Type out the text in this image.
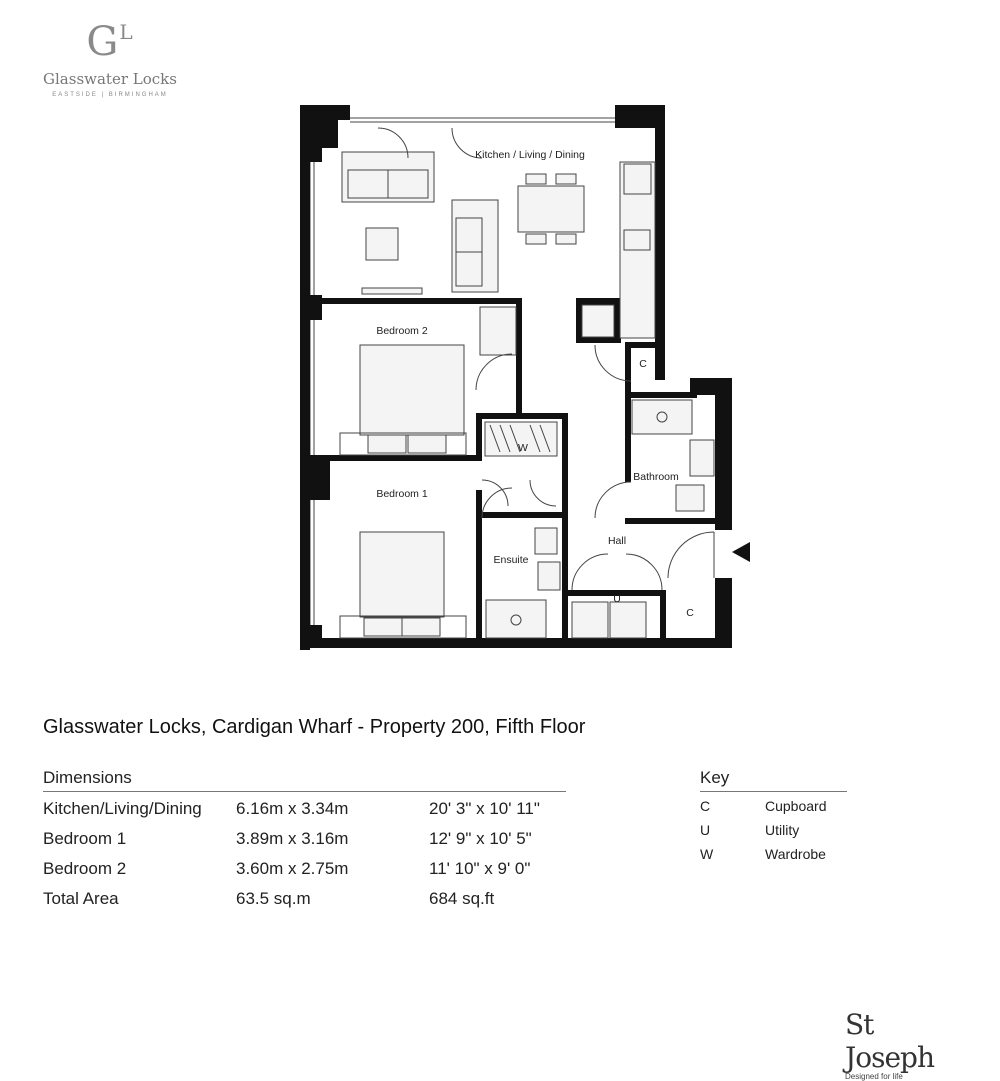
$G^L$
Glasswater Locks
EASTSIDE | BIRMINGHAM
Kitchen / Living / Dining
Bedroom 2
Bedroom 1
Bathroom
Ensuite
Hall
C
C
W
U
Glasswater Locks, Cardigan Wharf - Property 200, Fifth Floor
Dimensions
Kitchen/Living/Dining 6.16m x 3.34m	20' 3" x 10' 11"
Bedroom 1	3.89m x 3.16m	12' 9" x 10' 5"
Bedroom 2	3.60m x 2.75m	11' 10" x 9' 0"
Total Area	63.5 sq.m	684 sq.ft
Key
C	Cupboard
U	Utility
W	Wardrobe
St Joseph
Designed for life
